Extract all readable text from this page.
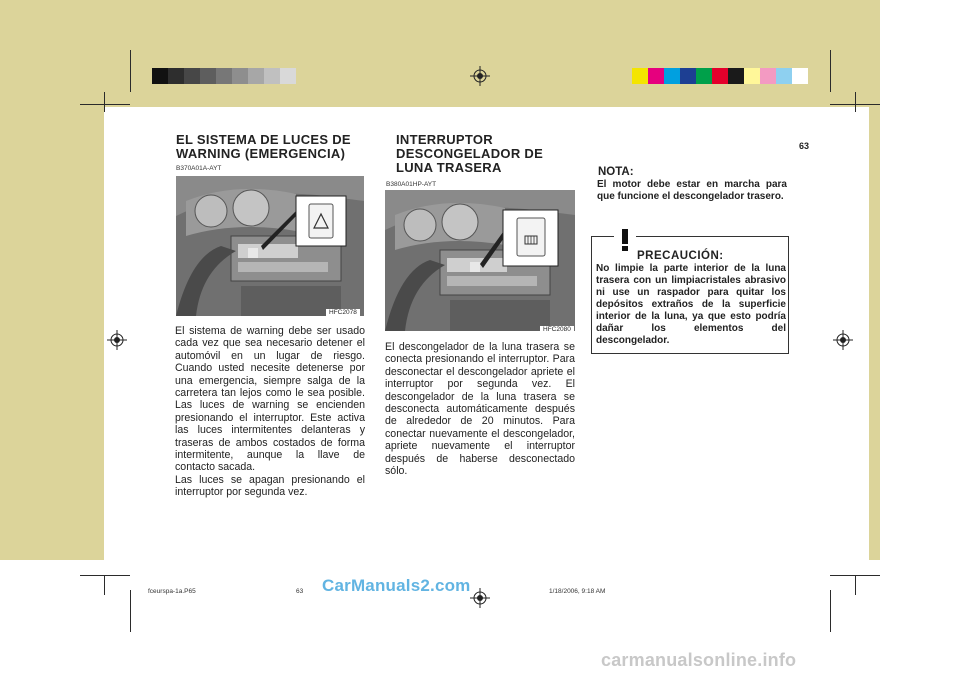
COMPONENTES DE SU HYUNDAI 1
63
EL SISTEMA DE LUCES DE
WARNING (EMERGENCIA)
B370A01A-AYT
HFC2078

El sistema de warning debe ser usado cada vez que sea necesario detener el automóvil en un lugar de riesgo. Cuando usted necesite detenerse por una emergencia, siempre salga de la carretera tan lejos como le sea posible. Las luces de warning se encienden presionando el interruptor. Este activa las luces intermitentes delanteras y traseras de ambos costados de forma intermitente, aunque la llave de contacto sacada.

Las luces se apagan presionando el interruptor por segunda vez.

INTERRUPTOR
DESCONGELADOR DE
LUNA TRASERA
B380A01HP-AYT
HFC2080

El descongelador de la luna trasera se conecta presionando el interruptor. Para desconectar el descongelador apriete el interruptor por segunda vez. El descongelador de la luna trasera se desconecta automáticamente después de alrededor de 20 minutos. Para conectar nuevamente el descongelador, apriete nuevamente el interruptor después de haberse desconectado sólo.

NOTA:
El motor debe estar en marcha para que funcione el descongelador trasero.
PRECAUCIÓN:
No limpie la parte interior de la luna trasera con un limpiacristales abrasivo ni use un raspador para quitar los depósitos extraños de la superficie interior de la luna, ya que esto podría dañar los elementos del descongelador.
fceurspa-1a.P65	63	1/18/2006, 9:18 AM
CarManuals2.com
carmanualsonline.info
